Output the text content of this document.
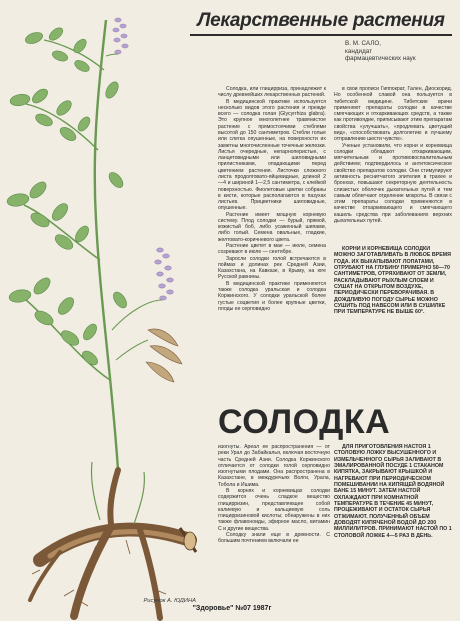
Лекарственные растения
В. М. САЛО,
кандидат
фармацевтических наук

Солодка, или глицирриза, принадлежит к числу древнейших лекарственных растений.

В медицинской практике используется несколько видов этого растения и прежде всего — солодка голая (Glycyrrhiza glabra). Это крупное многолетнее травянистое растение с прямостоячими стеблями высотой до 150 сантиметров. Стебли голые или слегка опушенные, на поверхности их заметны многочисленные точечные железки. Листья очередные, непарноперистые, с ланцетовидными или шиловидными прилистниками, опадающими перед цветением растения. Листочки сложного листа продолговато-яйцевидные, длиной 2—4 и шириной 1—2,5 сантиметра, с клейкой поверхностью. Фиолетовые цветки собраны в кисти, которые располагаются в пазухах листьев. Прицветники шиловидные, опушенные.

Растение имеет мощную корневую систему. Плод солодки — бурый, прямой, кожистый боб, либо усаженный шипами, либо голый. Семена овальные, гладкие, желтовато-коричневого цвета.

Растение цветет в мае — июле, семена созревают в июле — сентябре.

Заросли солодки голой встречаются в поймах и долинах рек Средней Азии, Казахстана, на Кавказе, в Крыму, на юге Русской равнины.

В медицинской практике применяются также солодка уральская и солодка Коржинского. У солодки уральской более густые соцветия и более крупные цветки, плоды ее серповидно

в свои прописи Гиппократ, Гален, Диоскорид. Но особенной славой она пользуется в тибетской медицине. Тибетские врачи применяют препараты солодки в качестве смягчающих и отхаркивающих средств, а также как противоядие, приписывают этим препаратам свойства «улучшать», «продлевать цветущий вид», «способствовать долголетию и лучшему отправлению шести чувств».

Ученые установили, что корни и корневища солодки обладают отхаркивающим, мягчительным и противовоспалительным действием; подтвердилось и антитоксическое свойство препаратов солодки. Они стимулируют активность реснитчатого эпителия в трахее и бронхах, повышают секреторную деятельность слизистых оболочек дыхательных путей и тем самым облегчают отделение мокроты. В связи с этим препараты солодки применяются в качестве отхаркивающего и смягчающего кашель средства при заболеваниях верхних дыхательных путей.

КОРНИ И КОРНЕВИЩА СОЛОДКИ МОЖНО ЗАГОТАВЛИВАТЬ В ЛЮБОЕ ВРЕМЯ ГОДА. ИХ ВЫКАПЫВАЮТ ЛОПАТАМИ, ОТРУБАЮТ НА ГЛУБИНУ ПРИМЕРНО 50—70 САНТИМЕТРОВ, ОТРЯХИВАЮТ ОТ ЗЕМЛИ, РАСКЛАДЫВАЮТ РЫХЛЫМ СЛОЕМ И СУШАТ НА ОТКРЫТОМ ВОЗДУХЕ, ПЕРИОДИЧЕСКИ ПЕРЕВОРАЧИВАЯ. В ДОЖДЛИВУЮ ПОГОДУ СЫРЬЕ МОЖНО СУШИТЬ ПОД НАВЕСОМ ИЛИ В СУШИЛКЕ ПРИ ТЕМПЕРАТУРЕ НЕ ВЫШЕ 60°.

СОЛОДКА

изогнуты. Ареал ее распространения — от реки Урал до Забайкалья, включая восточную часть Средней Азии. Солодка Коржинского отличается от солодки голой серповидно изогнутыми плодами. Она распространена в Казахстане, в междуречьях Волги, Урала, Тобола и Ишима.

В корнях и корневищах солодки содержится очень сладкое вещество глицирризин, представляющее собой калиевую и кальциевую соль глицирризиновой кислоты; обнаружены в них также флавоноиды, эфирное масло, витамин С и другие вещества.

Солодку знали еще в древности. С большим почтением включали ее

ДЛЯ ПРИГОТОВЛЕНИЯ НАСТОЯ 1 СТОЛОВУЮ ЛОЖКУ ВЫСУШЕННОГО И ИЗМЕЛЬЧЕННОГО СЫРЬЯ ЗАЛИВАЮТ В ЭМАЛИРОВАННОЙ ПОСУДЕ 1 СТАКАНОМ КИПЯТКА, ЗАКРЫВАЮТ КРЫШКОЙ И НАГРЕВАЮТ ПРИ ПЕРИОДИЧЕСКОМ ПОМЕШИВАНИИ НА КИПЯЩЕЙ ВОДЯНОЙ БАНЕ 15 МИНУТ. ЗАТЕМ НАСТОЙ ОХЛАЖДАЮТ ПРИ КОМНАТНОЙ ТЕМПЕРАТУРЕ В ТЕЧЕНИЕ 45 МИНУТ, ПРОЦЕЖИВАЮТ И ОСТАТОК СЫРЬЯ ОТЖИМАЮТ. ПОЛУЧЕННЫЙ ОБЪЕМ ДОВОДЯТ КИПЯЧЕНОЙ ВОДОЙ ДО 200 МИЛЛИЛИТРОВ. ПРИНИМАЮТ НАСТОЙ ПО 1 СТОЛОВОЙ ЛОЖКЕ 4—5 РАЗ В ДЕНЬ.

Рисунок А. ЮДИНА
"Здоровье" №07 1987г
